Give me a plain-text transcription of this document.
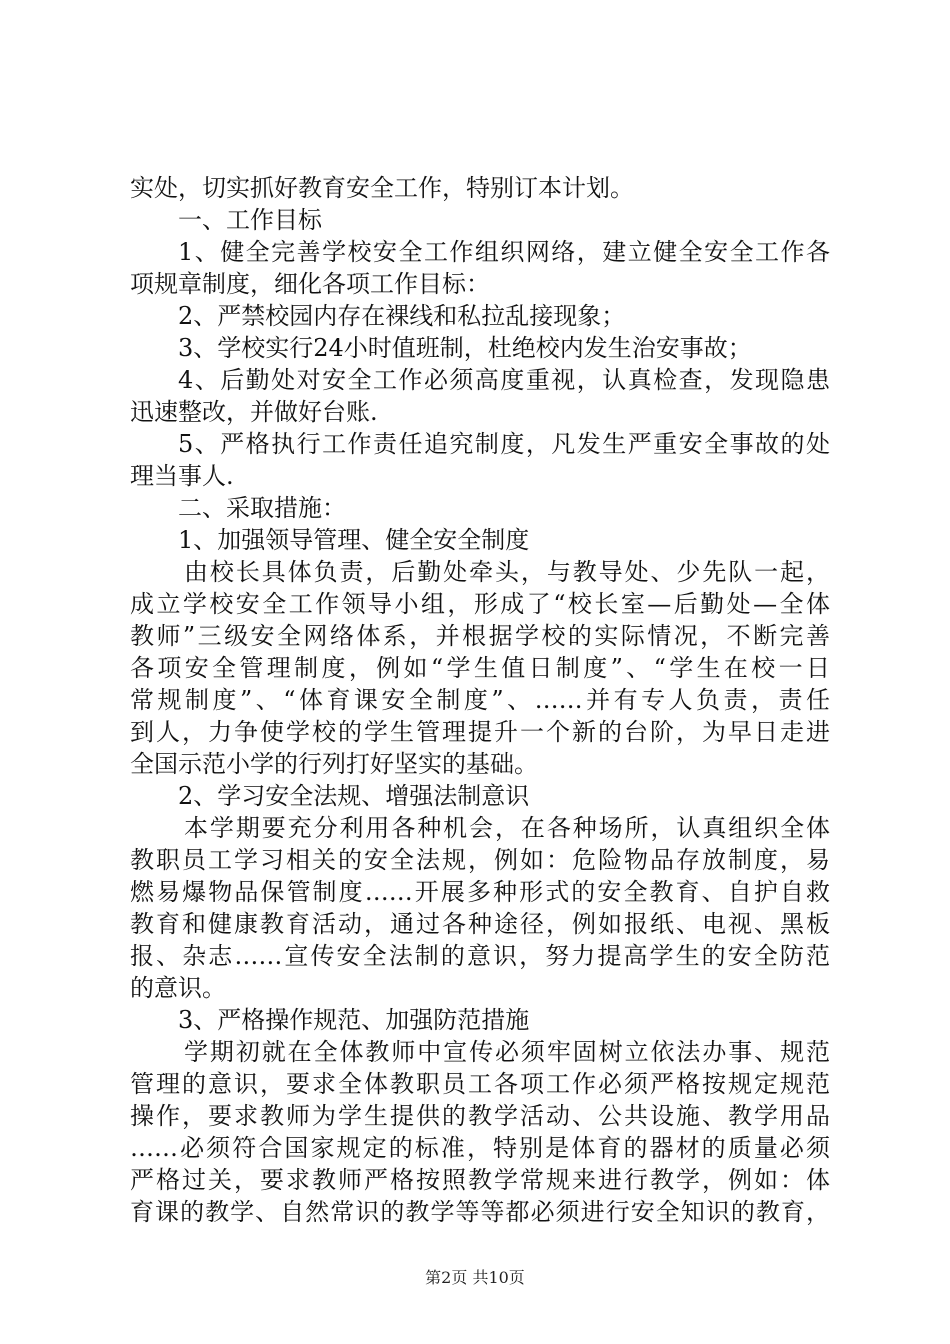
实处，切实抓好教育安全工作，特别订本计划。
一、工作目标
1、健全完善学校安全工作组织网络，建立健全安全工作各
项规章制度，细化各项工作目标：
2、严禁校园内存在裸线和私拉乱接现象；
3、学校实行24小时值班制，杜绝校内发生治安事故；
4、后勤处对安全工作必须高度重视，认真检查，发现隐患
迅速整改，并做好台账.
5、严格执行工作责任追究制度，凡发生严重安全事故的处
理当事人.
二、采取措施：
1、加强领导管理、健全安全制度
由校长具体负责，后勤处牵头，与教导处、少先队一起，
成立学校安全工作领导小组，形成了“校长室—后勤处—全体
教师”三级安全网络体系，并根据学校的实际情况，不断完善
各项安全管理制度，例如“学生值日制度”、“学生在校一日
常规制度”、“体育课安全制度”、……并有专人负责，责任
到人，力争使学校的学生管理提升一个新的台阶，为早日走进
全国示范小学的行列打好坚实的基础。
2、学习安全法规、增强法制意识
本学期要充分利用各种机会，在各种场所，认真组织全体
教职员工学习相关的安全法规，例如：危险物品存放制度，易
燃易爆物品保管制度……开展多种形式的安全教育、自护自救
教育和健康教育活动，通过各种途径，例如报纸、电视、黑板
报、杂志……宣传安全法制的意识，努力提高学生的安全防范
的意识。
3、严格操作规范、加强防范措施
学期初就在全体教师中宣传必须牢固树立依法办事、规范
管理的意识，要求全体教职员工各项工作必须严格按规定规范
操作，要求教师为学生提供的教学活动、公共设施、教学用品
……必须符合国家规定的标准，特别是体育的器材的质量必须
严格过关，要求教师严格按照教学常规来进行教学，例如：体
育课的教学、自然常识的教学等等都必须进行安全知识的教育，
第2页 共10页
